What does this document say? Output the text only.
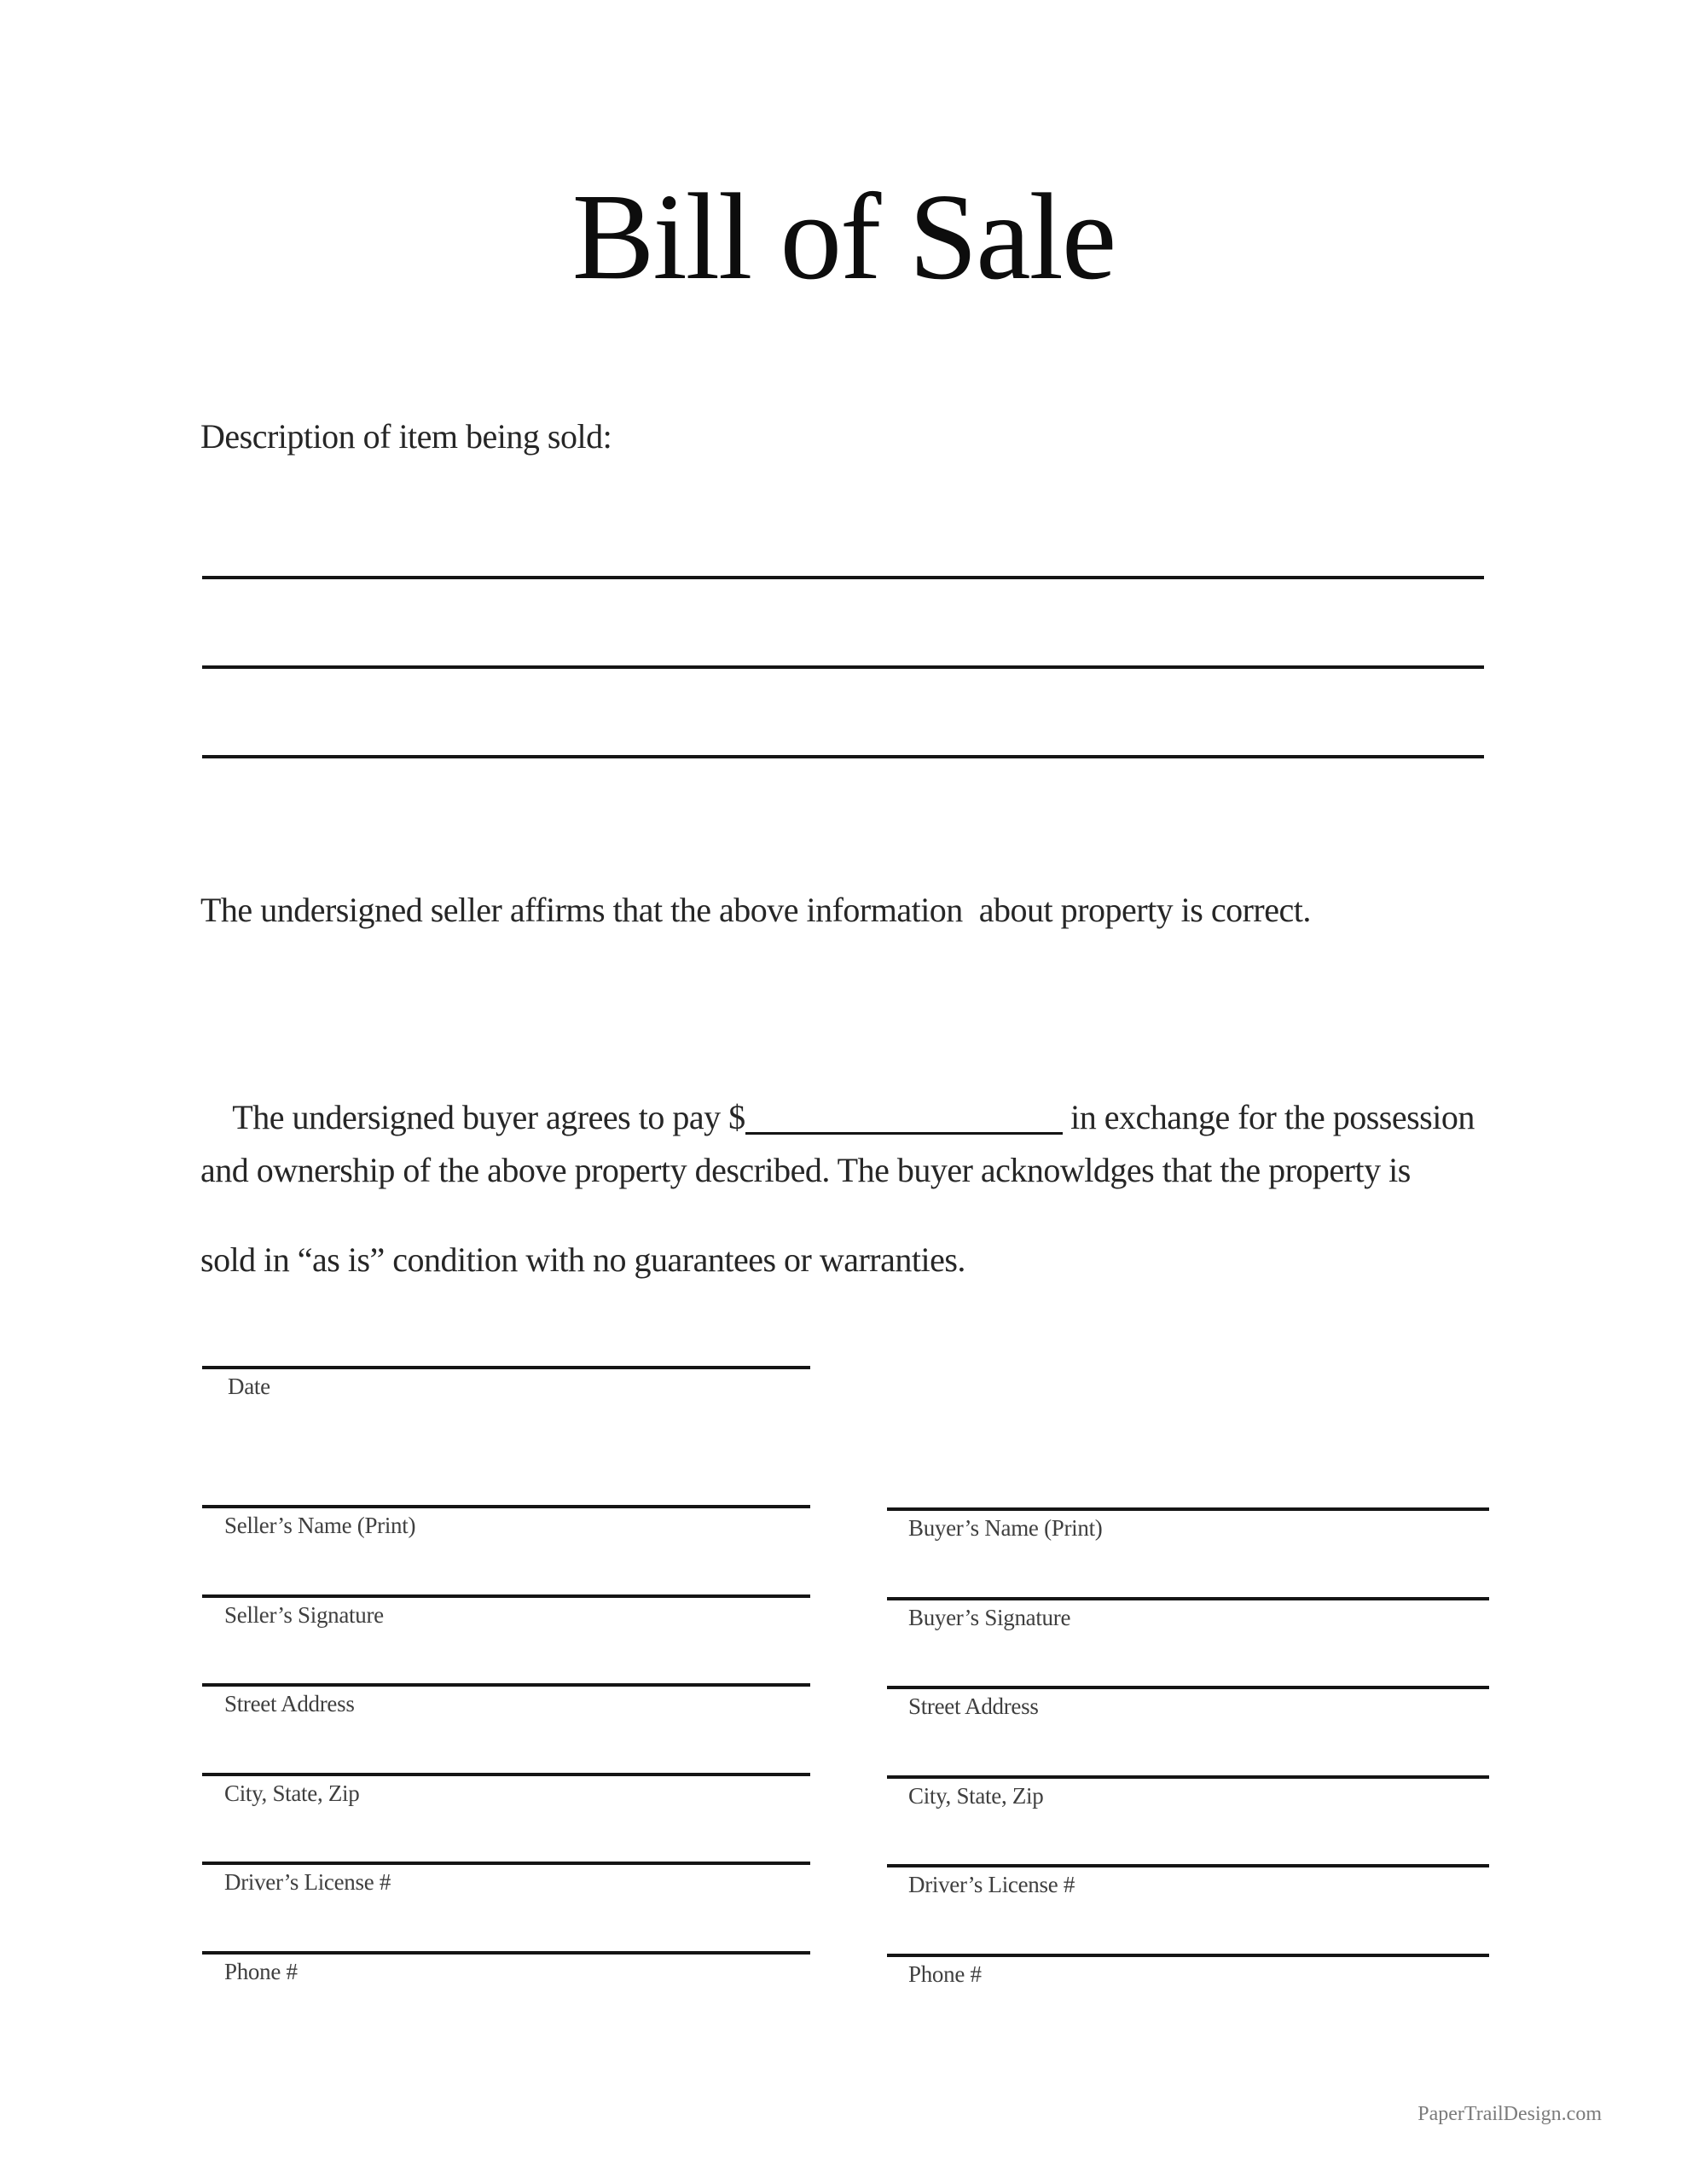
Bill of Sale
Description of item being sold:
The undersigned seller affirms that the above information  about property is correct.

The undersigned buyer agrees to pay $	in exchange for the possession

and ownership of the above property described. The buyer acknowldges that the property is
sold in “as is” condition with no guarantees or warranties.
Date
Seller’s Name (Print)
Seller’s Signature
Street Address
City, State, Zip
Driver’s License #
Phone #
Buyer’s Name (Print)
Buyer’s Signature
Street Address
City, State, Zip
Driver’s License #
Phone #
PaperTrailDesign.com
